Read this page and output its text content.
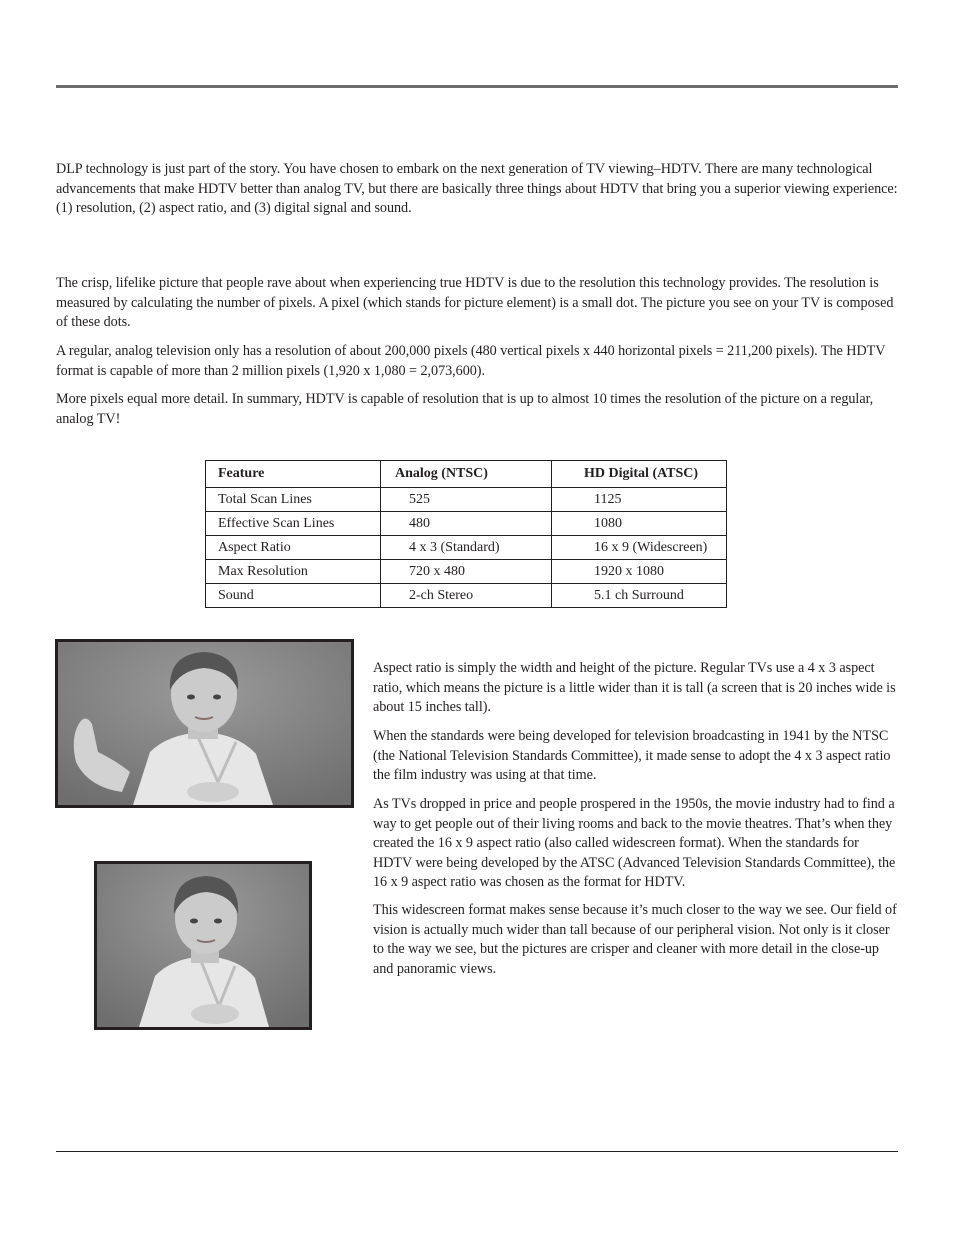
DLP technology is just part of the story. You have chosen to embark on the next generation of TV viewing–HDTV. There are many technological advancements that make HDTV better than analog TV, but there are basically three things about HDTV that bring you a superior viewing experience: (1) resolution, (2) aspect ratio, and (3) digital signal and sound.

The crisp, lifelike picture that people rave about when experiencing true HDTV is due to the resolution this technology provides. The resolution is measured by calculating the number of pixels. A pixel (which stands for picture element) is a small dot. The picture you see on your TV is composed of these dots.

A regular, analog television only has a resolution of about 200,000 pixels (480 vertical pixels x 440 horizontal pixels = 211,200 pixels). The HDTV format is capable of more than 2 million pixels (1,920 x 1,080 = 2,073,600).

More pixels equal more detail. In summary, HDTV is capable of resolution that is up to almost 10 times the resolution of the picture on a regular, analog TV!

Feature	Analog (NTSC)	HD Digital (ATSC)
Total Scan Lines	525	1125
Effective Scan Lines	480	1080
Aspect Ratio	4 x 3 (Standard)	16 x 9 (Widescreen)
Max Resolution	720 x 480	1920 x 1080
Sound	2-ch Stereo	5.1 ch Surround

Aspect ratio is simply the width and height of the picture. Regular TVs use a 4 x 3 aspect ratio, which means the picture is a little wider than it is tall (a screen that is 20 inches wide is about 15 inches tall).

When the standards were being developed for television broadcasting in 1941 by the NTSC (the National Television Standards Committee), it made sense to adopt the 4 x 3 aspect ratio the film industry was using at that time.

As TVs dropped in price and people prospered in the 1950s, the movie industry had to find a way to get people out of their living rooms and back to the movie theatres. That’s when they created the 16 x 9 aspect ratio (also called widescreen format). When the standards for HDTV were being developed by the ATSC (Advanced Television Standards Committee), the 16 x 9 aspect ratio was chosen as the format for HDTV.

This widescreen format makes sense because it’s much closer to the way we see. Our field of vision is actually much wider than tall because of our peripheral vision. Not only is it closer to the way we see, but the pictures are crisper and cleaner with more detail in the close-up and panoramic views.
